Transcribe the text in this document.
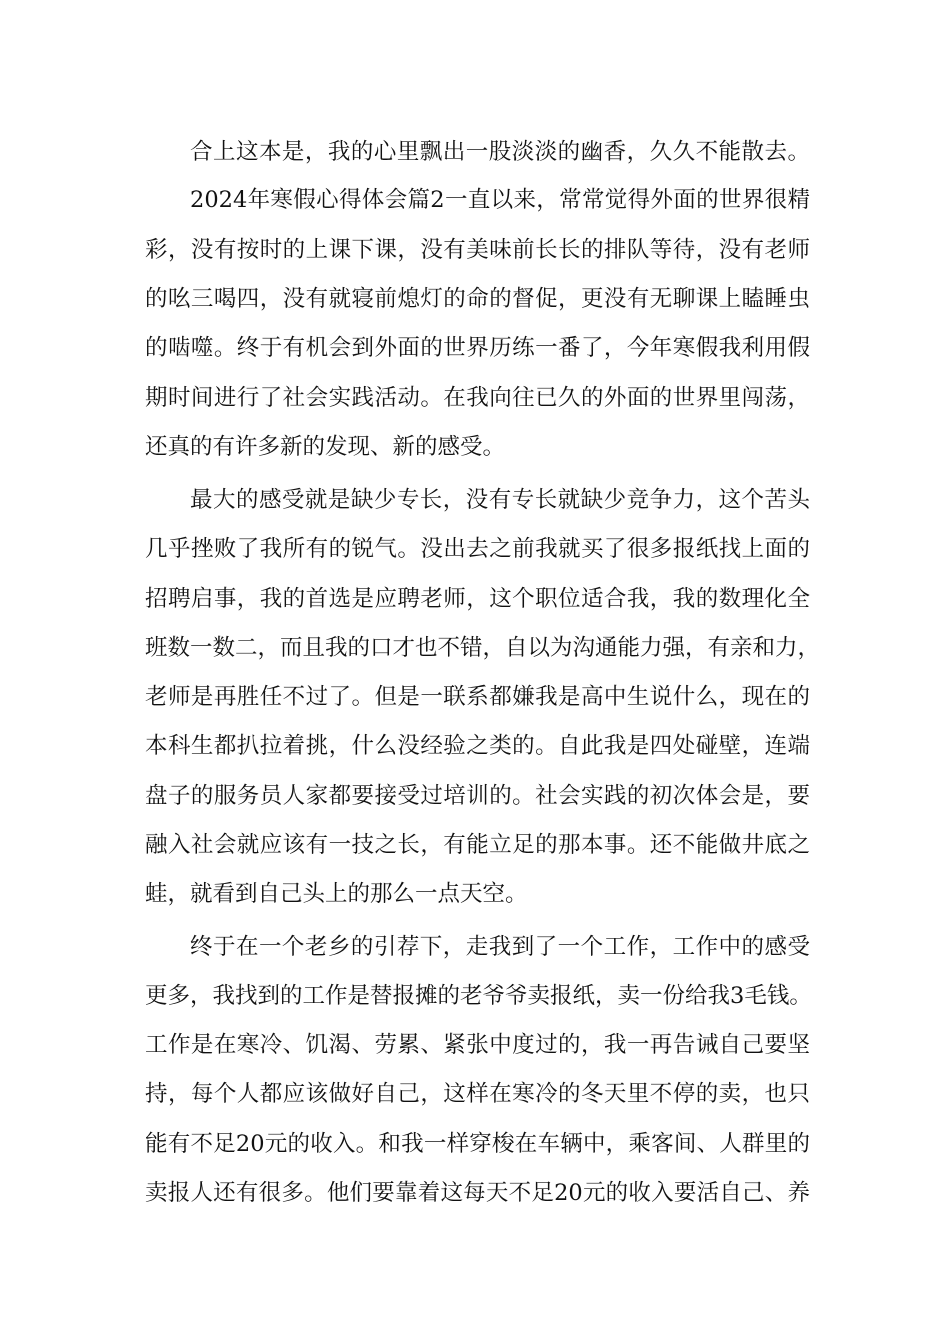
合上这本是，我的心里飘出一股淡淡的幽香，久久不能散去。
2024年寒假心得体会篇2一直以来，常常觉得外面的世界很精
彩，没有按时的上课下课，没有美味前长长的排队等待，没有老师
的吆三喝四，没有就寝前熄灯的命的督促，更没有无聊课上瞌睡虫
的啮噬。终于有机会到外面的世界历练一番了，今年寒假我利用假
期时间进行了社会实践活动。在我向往已久的外面的世界里闯荡，
还真的有许多新的发现、新的感受。
最大的感受就是缺少专长，没有专长就缺少竞争力，这个苦头
几乎挫败了我所有的锐气。没出去之前我就买了很多报纸找上面的
招聘启事，我的首选是应聘老师，这个职位适合我，我的数理化全
班数一数二，而且我的口才也不错，自以为沟通能力强，有亲和力，
老师是再胜任不过了。但是一联系都嫌我是高中生说什么，现在的
本科生都扒拉着挑，什么没经验之类的。自此我是四处碰壁，连端
盘子的服务员人家都要接受过培训的。社会实践的初次体会是，要
融入社会就应该有一技之长，有能立足的那本事。还不能做井底之
蛙，就看到自己头上的那么一点天空。
终于在一个老乡的引荐下，走我到了一个工作，工作中的感受
更多，我找到的工作是替报摊的老爷爷卖报纸，卖一份给我3毛钱。
工作是在寒冷、饥渴、劳累、紧张中度过的，我一再告诫自己要坚
持，每个人都应该做好自己，这样在寒冷的冬天里不停的卖，也只
能有不足20元的收入。和我一样穿梭在车辆中，乘客间、人群里的
卖报人还有很多。他们要靠着这每天不足20元的收入要活自己、养
